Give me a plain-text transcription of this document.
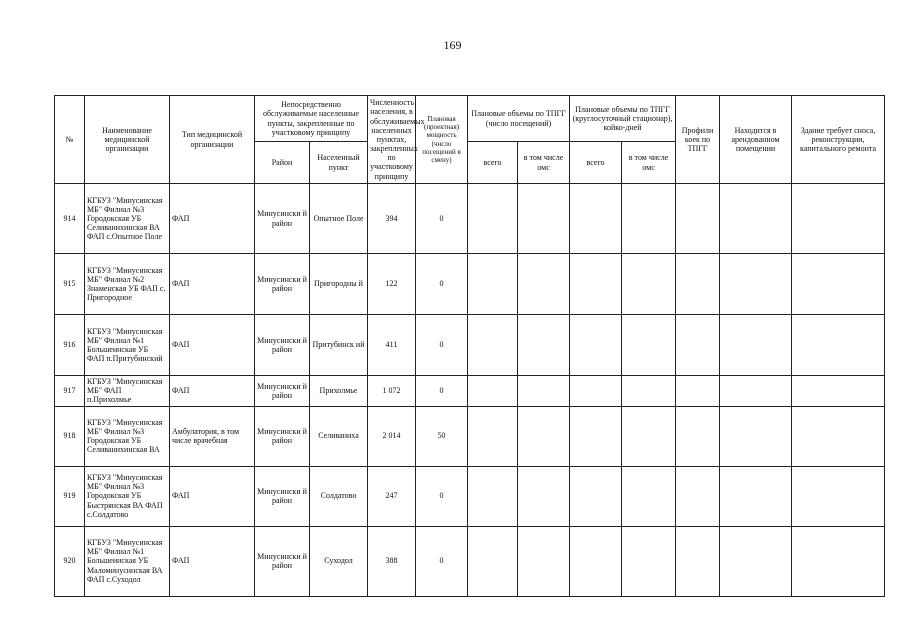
169
№	Наименование медицинской организации	Тип медицинской организации	Непосредственно обслуживаемые населенные пункты, закрепленные по участковому принципу		Численность населения, в обслуживаемых населенных пунктах, закрепленных по участковому принципу	Плановая (проектная) мощность (число посещений в смену)	Плановые объемы по ТПГГ (число посещений)		Плановые объемы по ТПГГ (круглосуточный стационар), койко-дней		Профили коек по ТПГГ	Находится в арендованном помещении	Здание требует сноса, реконструкции, капитального ремонта
			Район	Населенный пункт			всего	в том числе омс	всего	в том числе омс			
914	КГБУЗ "Минусинская МБ" Филиал №3 Городокская УБ Селиванихинская ВА ФАП с.Опытное Поле	ФАП	Минусински й район	Опытное Поле	394	0							
915	КГБУЗ "Минусинская МБ" Филиал №2 Знаменская УБ ФАП с. Пригородное	ФАП	Минусински й район	Пригородны й	122	0							
916	КГБУЗ "Минусинская МБ" Филиал №1 Большеинская УБ ФАП п.Притубинский	ФАП	Минусински й район	Притубинск ий	411	0							
917	КГБУЗ "Минусинская МБ" ФАП п.Прихолмье	ФАП	Минусински й район	Прихолмье	1 072	0							
918	КГБУЗ "Минусинская МБ" Филиал №3 Городокская УБ Селиванихинская ВА	Амбулатория, в том числе врачебная	Минусински й район	Селиваниха	2 014	50							
919	КГБУЗ "Минусинская МБ" Филиал №3 Городокская УБ Быстрянская ВА ФАП с.Солдатово	ФАП	Минусински й район	Солдатово	247	0							
920	КГБУЗ "Минусинская МБ" Филиал №1 Большеинская УБ Маломинусинская ВА ФАП с.Суходол	ФАП	Минусински й район	Суходол	388	0							
